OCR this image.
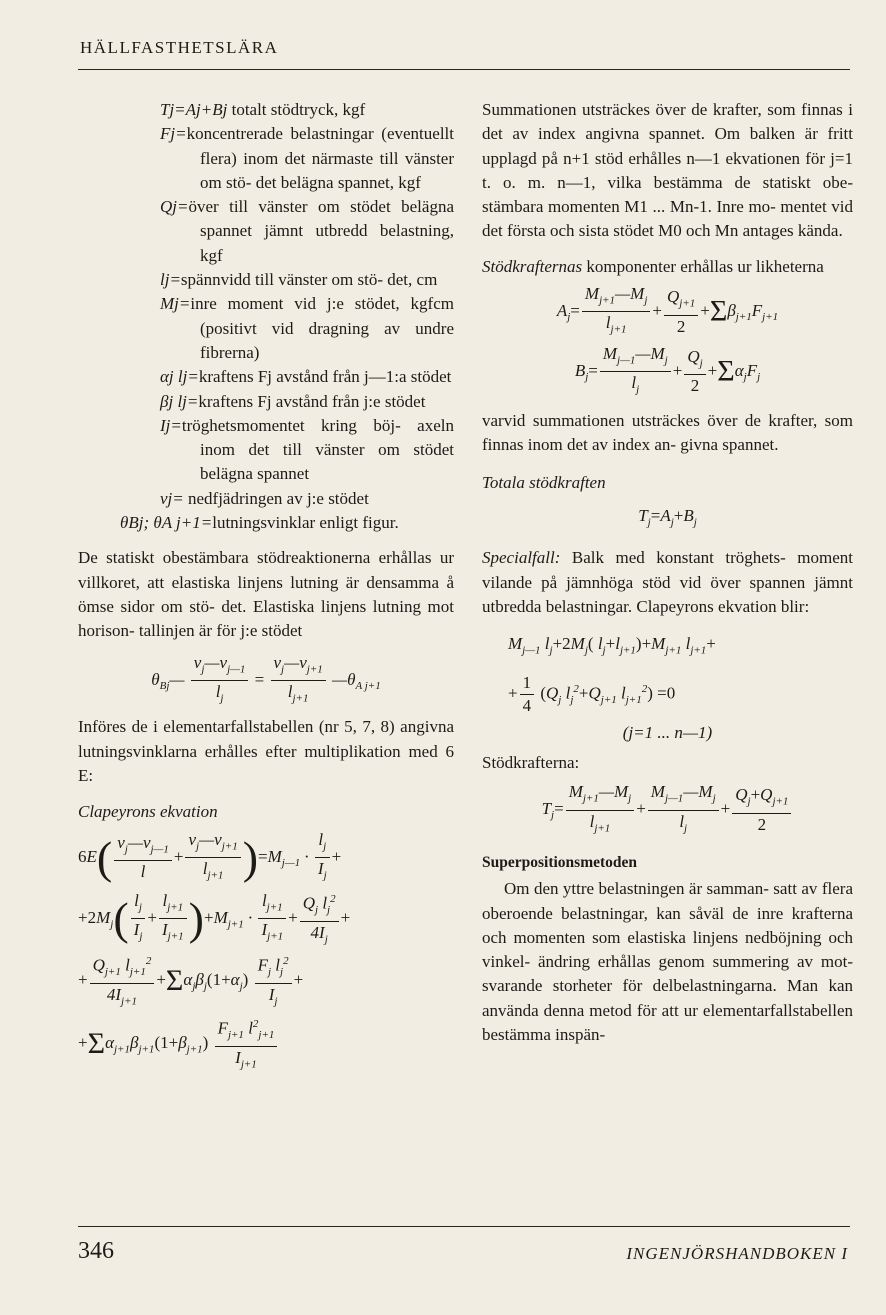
HÄLLFASTHETSLÄRA
Tj=Aj+Bj totalt stödtryck, kgf
Fj=koncentrerade belastningar (eventuellt flera) inom det närmaste till vänster om stö- det belägna spannet, kgf
Qj=över till vänster om stödet belägna spannet jämnt utbredd belastning, kgf
lj=spännvidd till vänster om stö- det, cm
Mj=inre moment vid j:e stödet, kgfcm (positivt vid dragning av undre fibrerna)
αj lj=kraftens Fj avstånd från j—1:a stödet
βj lj=kraftens Fj avstånd från j:e stödet
Ij=tröghetsmomentet kring böj- axeln inom det till vänster om stödet belägna spannet
vj= nedfjädringen av j:e stödet
θBj; θA j+1=lutningsvinklar enligt figur.

De statiskt obestämbara stödreaktionerna erhållas ur villkoret, att elastiska linjens lutning är densamma å ömse sidor om stö- det. Elastiska linjens lutning mot horison- tallinjen är för j:e stödet

$\theta_{Bj}— \frac{v_j—v_{j—1}}{l_j} = \frac{v_j—v_{j+1}}{l_{j+1}}$ $—\theta_{A j+1}$

Införes de i elementarfallstabellen (nr 5, 7, 8) angivna lutningsvinklarna erhålles efter multiplikation med 6 E:

Clapeyrons ekvation
$6E( \frac{v_j—v_{j—1}}{l} + \frac{v_j—v_{j+1}}{l_{j+1}} )=M_{j—1} \cdot \frac{l_j}{I_j}$ +
$+2M_j( \frac{l_j}{I_j} + \frac{l_{j+1}}{I_{j+1}} )+M_{j+1} \cdot \frac{l_{j+1}}{I_{j+1}} + \frac{Q_j l_j^2}{4I_j}$ +
+ $\frac{Q_{j+1} l_{j+1}^2}{4I_{j+1}} +\Sigma\alpha_j\beta_j(1+\alpha_j) \frac{F_j l_j^2}{I_j}$ +
$+\Sigma\alpha_{j+1}\beta_{j+1}(1+\beta_{j+1}) \frac{F_{j+1} l^2_{j+1}}{I_{j+1}}$

Summationen utsträckes över de krafter, som finnas i det av index angivna spannet. Om balken är fritt upplagd på n+1 stöd erhålles n—1 ekvationen för j=1 t. o. m. n—1, vilka bestämma de statiskt obe- stämbara momenten M1 ... Mn-1. Inre mo- mentet vid det första och sista stödet M0 och Mn antages kända.

Stödkrafternas komponenter erhållas ur likheterna

$A_j= \frac{M_{j+1}—M_j}{l_{j+1}} + \frac{Q_{j+1}}{2} +\Sigma\beta_{j+1}F_{j+1}$
$B_j= \frac{M_{j—1}—M_j}{l_j} + \frac{Q_j}{2} +\Sigma\alpha_jF_j$

varvid summationen utsträckes över de krafter, som finnas inom det av index an- givna spannet.

Totala stödkraften
$T_j=A_j+B_j$

Specialfall: Balk med konstant tröghets- moment vilande på jämnhöga stöd vid över spannen jämnt utbredda belastningar. Clapeyrons ekvation blir:

$M_{j—1}$ $l_j+2M_j$( $l_j+l_{j+1})+M_{j+1}$ $l_{j+1}+$
+ $\frac{1}{4} (Q_j$ $l_j^2+Q_{j+1}$ $l_{j+1}^2) =0$
(j=1 ... n—1)
Stödkrafterna:
$T_j= \frac{M_{j+1}—M_j}{l_{j+1}} + \frac{M_{j—1}—M_j}{l_j} + \frac{Q_j+Q_{j+1}}{2}$
Superpositionsmetoden

Om den yttre belastningen är samman- satt av flera oberoende belastningar, kan såväl de inre krafterna och momenten som elastiska linjens nedböjning och vinkel- ändring erhållas genom summering av mot- svarande storheter för delbelastningarna. Man kan använda denna metod för att ur elementarfallstabellen bestämma inspän-

346	INGENJÖRSHANDBOKEN I
